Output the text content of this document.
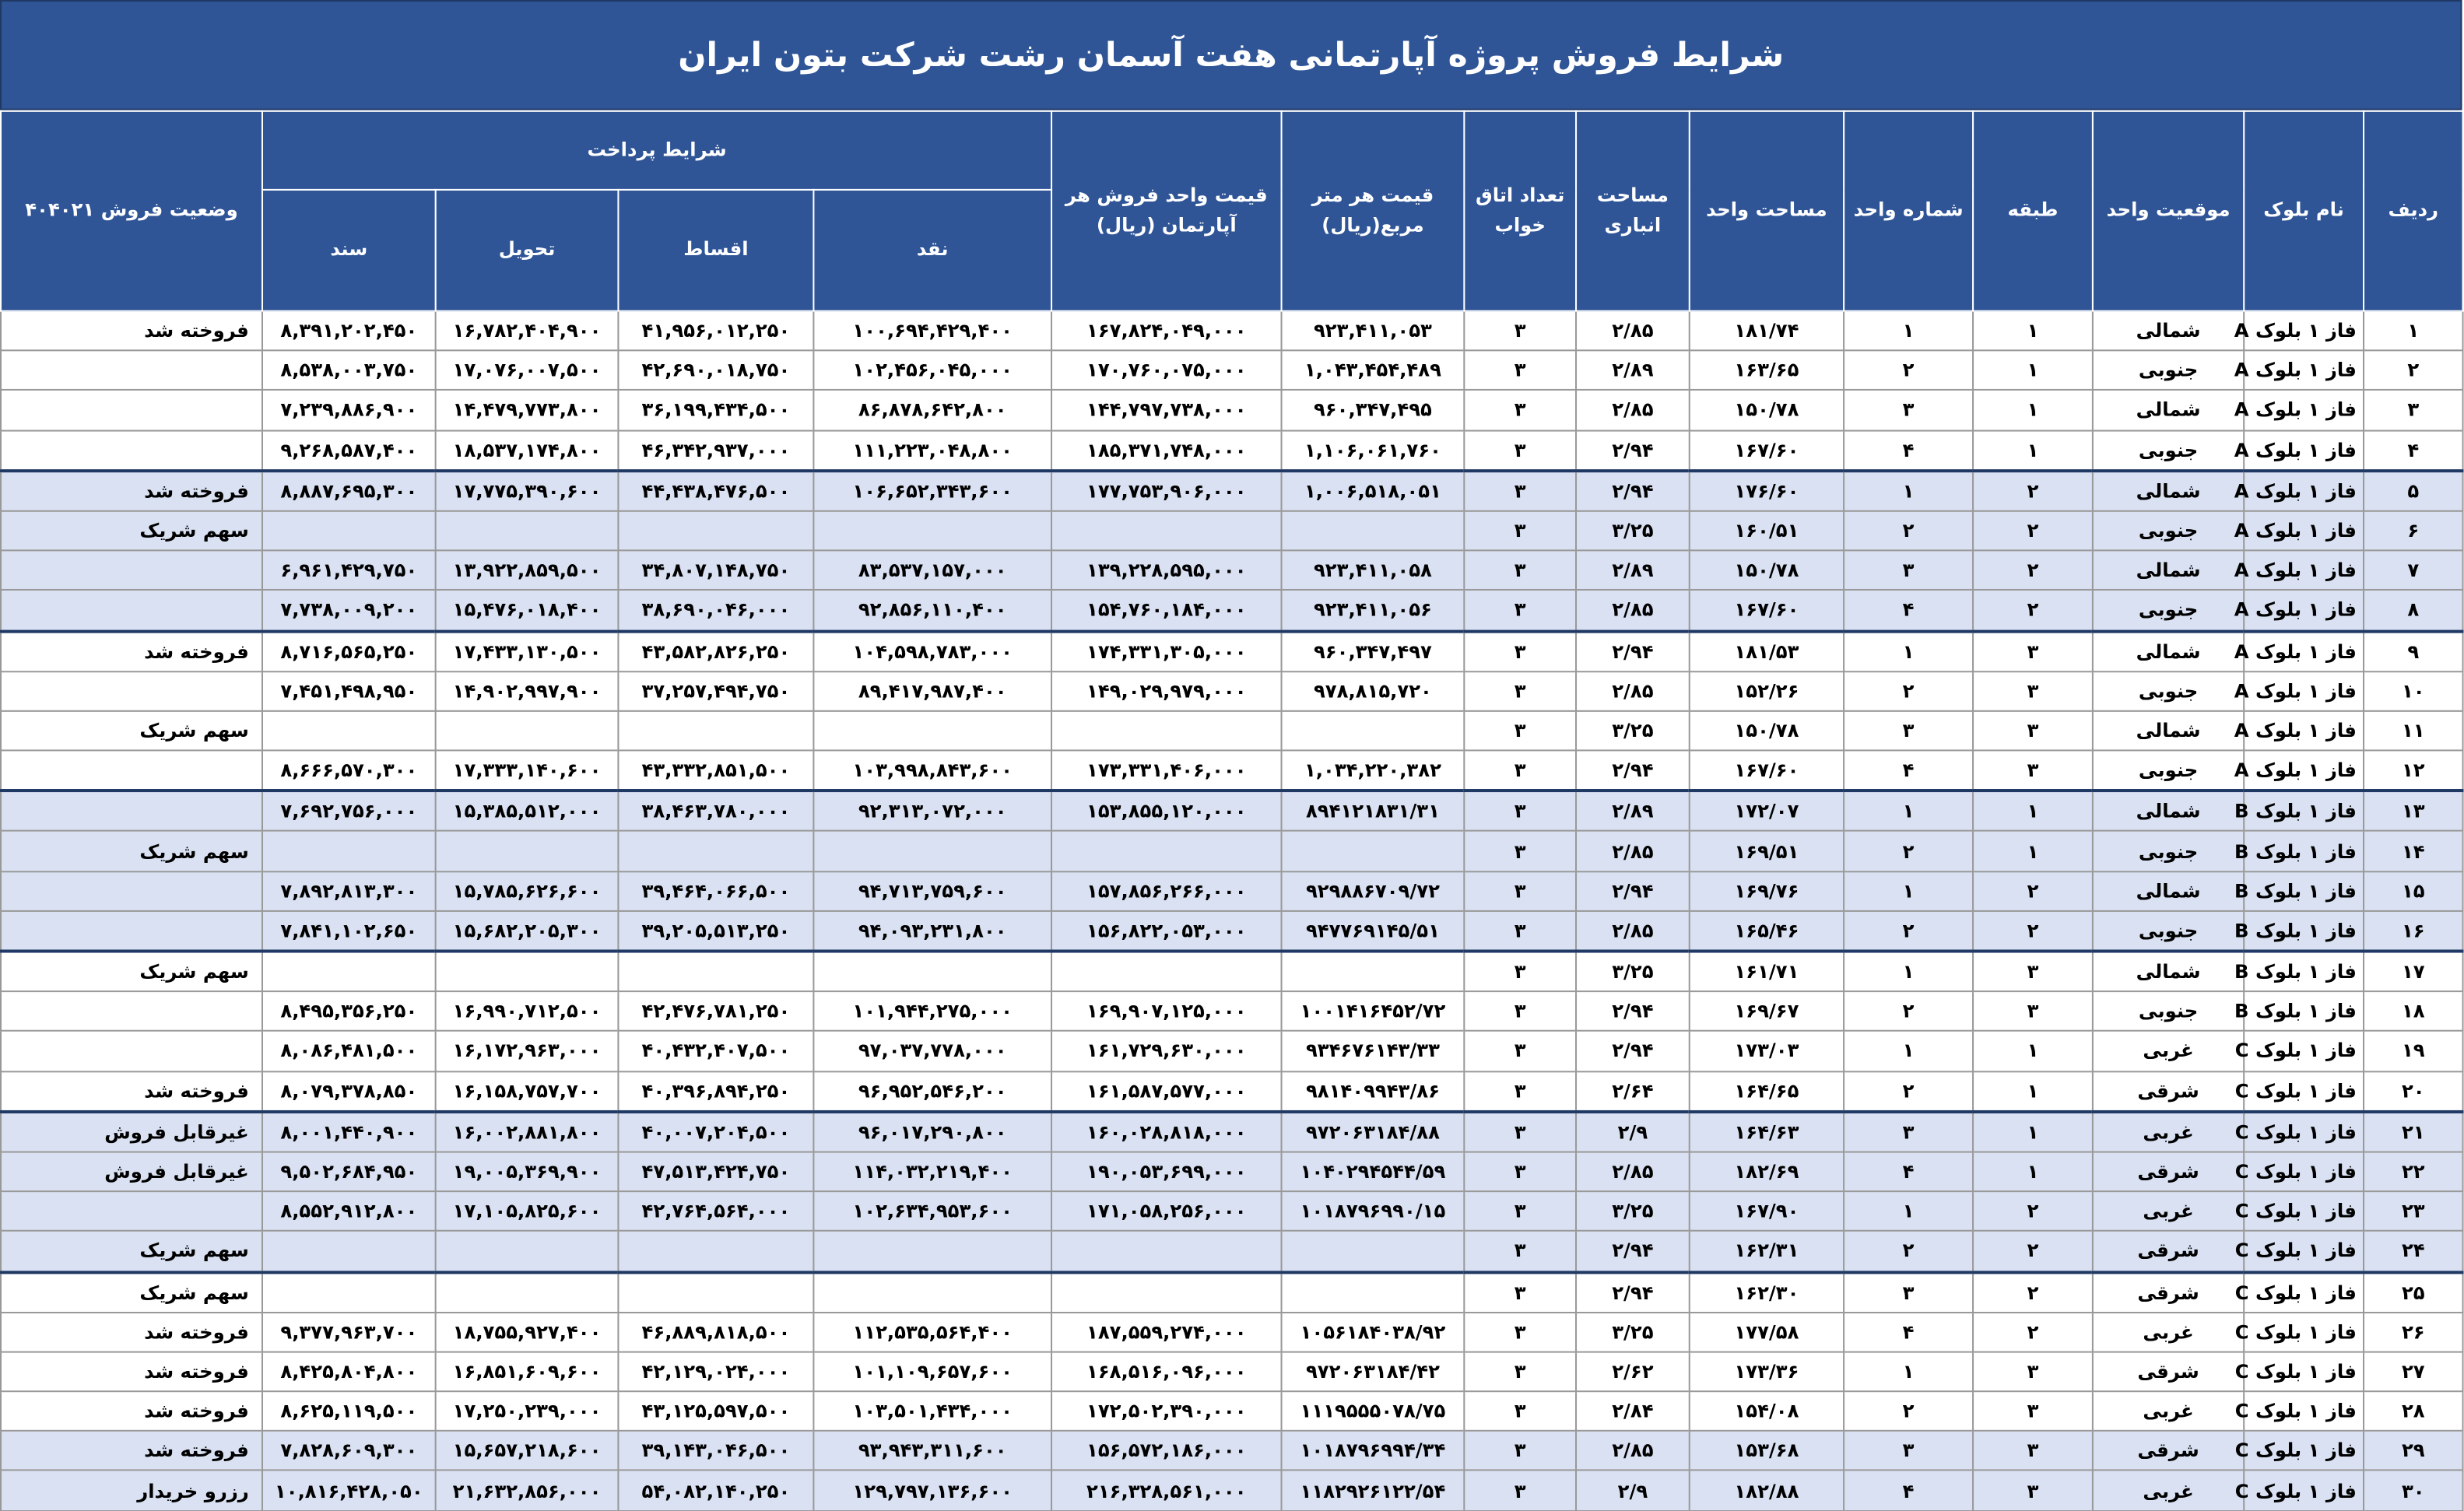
شرایط فروش پروژه آپارتمانی هفت آسمان رشت شرکت بتون ایران
ردیف	نام بلوک	موقعیت واحد	طبقه	شماره واحد	مساحت واحد	مساحت انباری	تعداد اتاق خواب	قیمت هر متر مربع(ریال)	قیمت واحد فروش هر آپارتمان (ریال)	شرایط پرداخت				وضعیت فروش ۴۰۴۰۲۱
										نقد	اقساط	تحویل	سند	
۱	فاز ۱ بلوک A	شمالی	۱	۱	۱۸۱/۷۴	۲/۸۵	۳	۹۲۳,۴۱۱,۰۵۳	۱۶۷,۸۲۴,۰۴۹,۰۰۰	۱۰۰,۶۹۴,۴۲۹,۴۰۰	۴۱,۹۵۶,۰۱۲,۲۵۰	۱۶,۷۸۲,۴۰۴,۹۰۰	۸,۳۹۱,۲۰۲,۴۵۰	فروخته شد
۲	فاز ۱ بلوک A	جنوبی	۱	۲	۱۶۳/۶۵	۲/۸۹	۳	۱,۰۴۳,۴۵۴,۴۸۹	۱۷۰,۷۶۰,۰۷۵,۰۰۰	۱۰۲,۴۵۶,۰۴۵,۰۰۰	۴۲,۶۹۰,۰۱۸,۷۵۰	۱۷,۰۷۶,۰۰۷,۵۰۰	۸,۵۳۸,۰۰۳,۷۵۰	
۳	فاز ۱ بلوک A	شمالی	۱	۳	۱۵۰/۷۸	۲/۸۵	۳	۹۶۰,۳۴۷,۴۹۵	۱۴۴,۷۹۷,۷۳۸,۰۰۰	۸۶,۸۷۸,۶۴۲,۸۰۰	۳۶,۱۹۹,۴۳۴,۵۰۰	۱۴,۴۷۹,۷۷۳,۸۰۰	۷,۲۳۹,۸۸۶,۹۰۰	
۴	فاز ۱ بلوک A	جنوبی	۱	۴	۱۶۷/۶۰	۲/۹۴	۳	۱,۱۰۶,۰۶۱,۷۶۰	۱۸۵,۳۷۱,۷۴۸,۰۰۰	۱۱۱,۲۲۳,۰۴۸,۸۰۰	۴۶,۳۴۲,۹۳۷,۰۰۰	۱۸,۵۳۷,۱۷۴,۸۰۰	۹,۲۶۸,۵۸۷,۴۰۰	
۵	فاز ۱ بلوک A	شمالی	۲	۱	۱۷۶/۶۰	۲/۹۴	۳	۱,۰۰۶,۵۱۸,۰۵۱	۱۷۷,۷۵۳,۹۰۶,۰۰۰	۱۰۶,۶۵۲,۳۴۳,۶۰۰	۴۴,۴۳۸,۴۷۶,۵۰۰	۱۷,۷۷۵,۳۹۰,۶۰۰	۸,۸۸۷,۶۹۵,۳۰۰	فروخته شد
۶	فاز ۱ بلوک A	جنوبی	۲	۲	۱۶۰/۵۱	۳/۲۵	۳							سهم شریک
۷	فاز ۱ بلوک A	شمالی	۲	۳	۱۵۰/۷۸	۲/۸۹	۳	۹۲۳,۴۱۱,۰۵۸	۱۳۹,۲۲۸,۵۹۵,۰۰۰	۸۳,۵۳۷,۱۵۷,۰۰۰	۳۴,۸۰۷,۱۴۸,۷۵۰	۱۳,۹۲۲,۸۵۹,۵۰۰	۶,۹۶۱,۴۲۹,۷۵۰	
۸	فاز ۱ بلوک A	جنوبی	۲	۴	۱۶۷/۶۰	۲/۸۵	۳	۹۲۳,۴۱۱,۰۵۶	۱۵۴,۷۶۰,۱۸۴,۰۰۰	۹۲,۸۵۶,۱۱۰,۴۰۰	۳۸,۶۹۰,۰۴۶,۰۰۰	۱۵,۴۷۶,۰۱۸,۴۰۰	۷,۷۳۸,۰۰۹,۲۰۰	
۹	فاز ۱ بلوک A	شمالی	۳	۱	۱۸۱/۵۳	۲/۹۴	۳	۹۶۰,۳۴۷,۴۹۷	۱۷۴,۳۳۱,۳۰۵,۰۰۰	۱۰۴,۵۹۸,۷۸۳,۰۰۰	۴۳,۵۸۲,۸۲۶,۲۵۰	۱۷,۴۳۳,۱۳۰,۵۰۰	۸,۷۱۶,۵۶۵,۲۵۰	فروخته شد
۱۰	فاز ۱ بلوک A	جنوبی	۳	۲	۱۵۲/۲۶	۲/۸۵	۳	۹۷۸,۸۱۵,۷۲۰	۱۴۹,۰۲۹,۹۷۹,۰۰۰	۸۹,۴۱۷,۹۸۷,۴۰۰	۳۷,۲۵۷,۴۹۴,۷۵۰	۱۴,۹۰۲,۹۹۷,۹۰۰	۷,۴۵۱,۴۹۸,۹۵۰	
۱۱	فاز ۱ بلوک A	شمالی	۳	۳	۱۵۰/۷۸	۳/۲۵	۳							سهم شریک
۱۲	فاز ۱ بلوک A	جنوبی	۳	۴	۱۶۷/۶۰	۲/۹۴	۳	۱,۰۳۴,۲۲۰,۳۸۲	۱۷۳,۳۳۱,۴۰۶,۰۰۰	۱۰۳,۹۹۸,۸۴۳,۶۰۰	۴۳,۳۳۲,۸۵۱,۵۰۰	۱۷,۳۳۳,۱۴۰,۶۰۰	۸,۶۶۶,۵۷۰,۳۰۰	
۱۳	فاز ۱ بلوک B	شمالی	۱	۱	۱۷۲/۰۷	۲/۸۹	۳	۸۹۴۱۲۱۸۳۱/۳۱	۱۵۳,۸۵۵,۱۲۰,۰۰۰	۹۲,۳۱۳,۰۷۲,۰۰۰	۳۸,۴۶۳,۷۸۰,۰۰۰	۱۵,۳۸۵,۵۱۲,۰۰۰	۷,۶۹۲,۷۵۶,۰۰۰	
۱۴	فاز ۱ بلوک B	جنوبی	۱	۲	۱۶۹/۵۱	۲/۸۵	۳							سهم شریک
۱۵	فاز ۱ بلوک B	شمالی	۲	۱	۱۶۹/۷۶	۲/۹۴	۳	۹۲۹۸۸۶۷۰۹/۷۲	۱۵۷,۸۵۶,۲۶۶,۰۰۰	۹۴,۷۱۳,۷۵۹,۶۰۰	۳۹,۴۶۴,۰۶۶,۵۰۰	۱۵,۷۸۵,۶۲۶,۶۰۰	۷,۸۹۲,۸۱۳,۳۰۰	
۱۶	فاز ۱ بلوک B	جنوبی	۲	۲	۱۶۵/۴۶	۲/۸۵	۳	۹۴۷۷۶۹۱۴۵/۵۱	۱۵۶,۸۲۲,۰۵۳,۰۰۰	۹۴,۰۹۳,۲۳۱,۸۰۰	۳۹,۲۰۵,۵۱۳,۲۵۰	۱۵,۶۸۲,۲۰۵,۳۰۰	۷,۸۴۱,۱۰۲,۶۵۰	
۱۷	فاز ۱ بلوک B	شمالی	۳	۱	۱۶۱/۷۱	۳/۲۵	۳							سهم شریک
۱۸	فاز ۱ بلوک B	جنوبی	۳	۲	۱۶۹/۶۷	۲/۹۴	۳	۱۰۰۱۴۱۶۴۵۲/۷۲	۱۶۹,۹۰۷,۱۲۵,۰۰۰	۱۰۱,۹۴۴,۲۷۵,۰۰۰	۴۲,۴۷۶,۷۸۱,۲۵۰	۱۶,۹۹۰,۷۱۲,۵۰۰	۸,۴۹۵,۳۵۶,۲۵۰	
۱۹	فاز ۱ بلوک C	غربی	۱	۱	۱۷۳/۰۳	۲/۹۴	۳	۹۳۴۶۷۶۱۴۳/۳۳	۱۶۱,۷۲۹,۶۳۰,۰۰۰	۹۷,۰۳۷,۷۷۸,۰۰۰	۴۰,۴۳۲,۴۰۷,۵۰۰	۱۶,۱۷۲,۹۶۳,۰۰۰	۸,۰۸۶,۴۸۱,۵۰۰	
۲۰	فاز ۱ بلوک C	شرقی	۱	۲	۱۶۴/۶۵	۲/۶۴	۳	۹۸۱۴۰۹۹۴۳/۸۶	۱۶۱,۵۸۷,۵۷۷,۰۰۰	۹۶,۹۵۲,۵۴۶,۲۰۰	۴۰,۳۹۶,۸۹۴,۲۵۰	۱۶,۱۵۸,۷۵۷,۷۰۰	۸,۰۷۹,۳۷۸,۸۵۰	فروخته شد
۲۱	فاز ۱ بلوک C	غربی	۱	۳	۱۶۴/۶۳	۲/۹	۳	۹۷۲۰۶۳۱۸۴/۸۸	۱۶۰,۰۲۸,۸۱۸,۰۰۰	۹۶,۰۱۷,۲۹۰,۸۰۰	۴۰,۰۰۷,۲۰۴,۵۰۰	۱۶,۰۰۲,۸۸۱,۸۰۰	۸,۰۰۱,۴۴۰,۹۰۰	غیرقابل فروش
۲۲	فاز ۱ بلوک C	شرقی	۱	۴	۱۸۲/۶۹	۲/۸۵	۳	۱۰۴۰۲۹۴۵۴۴/۵۹	۱۹۰,۰۵۳,۶۹۹,۰۰۰	۱۱۴,۰۳۲,۲۱۹,۴۰۰	۴۷,۵۱۳,۴۲۴,۷۵۰	۱۹,۰۰۵,۳۶۹,۹۰۰	۹,۵۰۲,۶۸۴,۹۵۰	غیرقابل فروش
۲۳	فاز ۱ بلوک C	غربی	۲	۱	۱۶۷/۹۰	۳/۲۵	۳	۱۰۱۸۷۹۶۹۹۰/۱۵	۱۷۱,۰۵۸,۲۵۶,۰۰۰	۱۰۲,۶۳۴,۹۵۳,۶۰۰	۴۲,۷۶۴,۵۶۴,۰۰۰	۱۷,۱۰۵,۸۲۵,۶۰۰	۸,۵۵۲,۹۱۲,۸۰۰	
۲۴	فاز ۱ بلوک C	شرقی	۲	۲	۱۶۲/۳۱	۲/۹۴	۳							سهم شریک
۲۵	فاز ۱ بلوک C	شرقی	۲	۳	۱۶۲/۳۰	۲/۹۴	۳							سهم شریک
۲۶	فاز ۱ بلوک C	غربی	۲	۴	۱۷۷/۵۸	۳/۲۵	۳	۱۰۵۶۱۸۴۰۳۸/۹۲	۱۸۷,۵۵۹,۲۷۴,۰۰۰	۱۱۲,۵۳۵,۵۶۴,۴۰۰	۴۶,۸۸۹,۸۱۸,۵۰۰	۱۸,۷۵۵,۹۲۷,۴۰۰	۹,۳۷۷,۹۶۳,۷۰۰	فروخته شد
۲۷	فاز ۱ بلوک C	شرقی	۳	۱	۱۷۳/۳۶	۲/۶۲	۳	۹۷۲۰۶۳۱۸۴/۴۲	۱۶۸,۵۱۶,۰۹۶,۰۰۰	۱۰۱,۱۰۹,۶۵۷,۶۰۰	۴۲,۱۲۹,۰۲۴,۰۰۰	۱۶,۸۵۱,۶۰۹,۶۰۰	۸,۴۲۵,۸۰۴,۸۰۰	فروخته شد
۲۸	فاز ۱ بلوک C	غربی	۳	۲	۱۵۴/۰۸	۲/۸۴	۳	۱۱۱۹۵۵۵۰۷۸/۷۵	۱۷۲,۵۰۲,۳۹۰,۰۰۰	۱۰۳,۵۰۱,۴۳۴,۰۰۰	۴۳,۱۲۵,۵۹۷,۵۰۰	۱۷,۲۵۰,۲۳۹,۰۰۰	۸,۶۲۵,۱۱۹,۵۰۰	فروخته شد
۲۹	فاز ۱ بلوک C	شرقی	۳	۳	۱۵۳/۶۸	۲/۸۵	۳	۱۰۱۸۷۹۶۹۹۴/۳۴	۱۵۶,۵۷۲,۱۸۶,۰۰۰	۹۳,۹۴۳,۳۱۱,۶۰۰	۳۹,۱۴۳,۰۴۶,۵۰۰	۱۵,۶۵۷,۲۱۸,۶۰۰	۷,۸۲۸,۶۰۹,۳۰۰	فروخته شد
۳۰	فاز ۱ بلوک C	غربی	۳	۴	۱۸۲/۸۸	۲/۹	۳	۱۱۸۲۹۲۶۱۲۲/۵۴	۲۱۶,۳۲۸,۵۶۱,۰۰۰	۱۲۹,۷۹۷,۱۳۶,۶۰۰	۵۴,۰۸۲,۱۴۰,۲۵۰	۲۱,۶۳۲,۸۵۶,۰۰۰	۱۰,۸۱۶,۴۲۸,۰۵۰	رزرو خریدار
